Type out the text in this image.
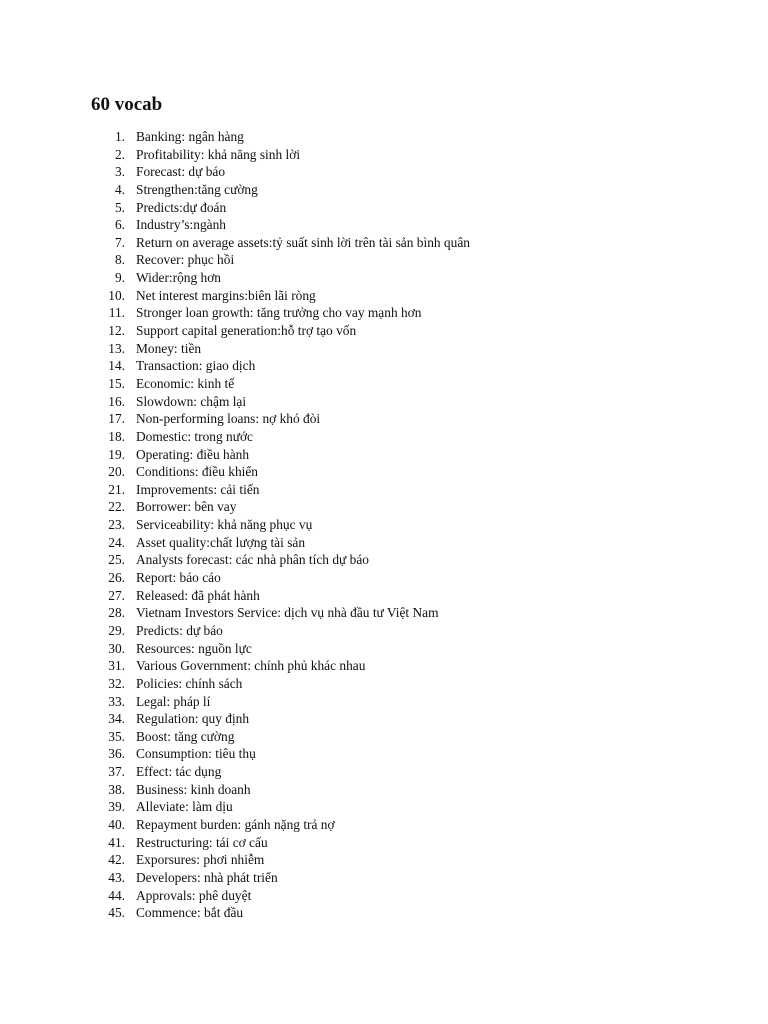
60 vocab
1. Banking: ngân hàng
2. Profitability: khả năng sinh lời
3. Forecast: dự báo
4. Strengthen:tăng cường
5. Predicts:dự đoán
6. Industry’s:ngành
7. Return on average assets:tỷ suất sinh lời trên tài sản bình quân
8. Recover: phục hồi
9. Wider:rộng hơn
10. Net interest margins:biên lãi ròng
11. Stronger loan growth: tăng trưởng cho vay mạnh hơn
12. Support capital generation:hỗ trợ tạo vốn
13. Money: tiền
14. Transaction: giao dịch
15. Economic: kinh tế
16. Slowdown: chậm lại
17. Non-performing loans: nợ khó đòi
18. Domestic: trong nước
19. Operating: điều hành
20. Conditions: điều khiển
21. Improvements: cải tiến
22. Borrower: bên vay
23. Serviceability: khả năng phục vụ
24. Asset quality:chất lượng tài sản
25. Analysts forecast: các nhà phân tích dự báo
26. Report: báo cáo
27. Released: đã phát hành
28. Vietnam Investors Service: dịch vụ nhà đầu tư Việt Nam
29. Predicts: dự báo
30. Resources: nguồn lực
31. Various Government: chính phủ khác nhau
32. Policies: chính sách
33. Legal: pháp lí
34. Regulation: quy định
35. Boost: tăng cường
36. Consumption: tiêu thụ
37. Effect: tác dụng
38. Business: kinh doanh
39. Alleviate: làm dịu
40. Repayment burden: gánh nặng trả nợ
41. Restructuring: tái cơ cấu
42. Exporsures: phơi nhiễm
43. Developers: nhà phát triển
44. Approvals: phê duyệt
45. Commence: bắt đầu
